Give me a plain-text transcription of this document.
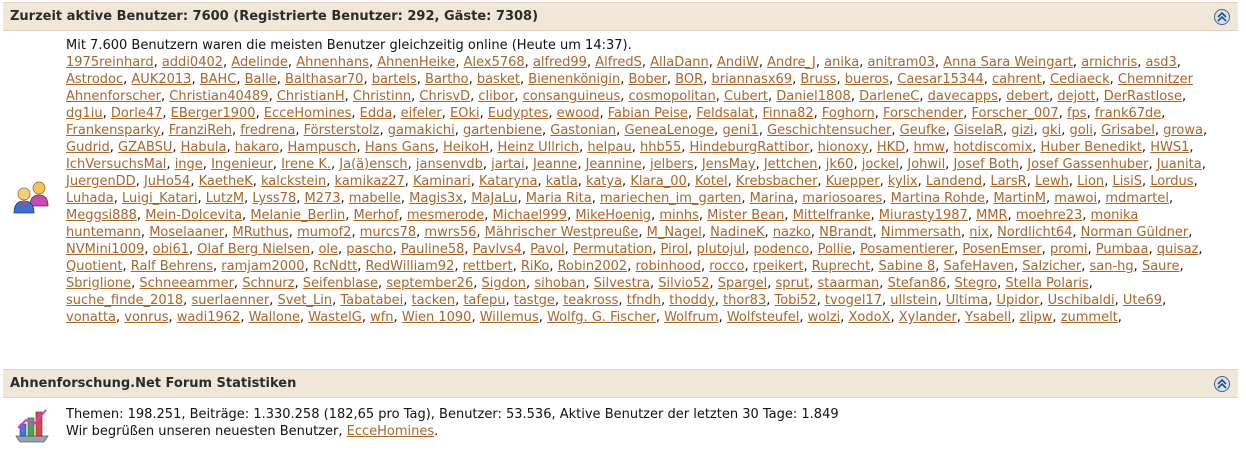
Zurzeit aktive Benutzer: 7600 (Registrierte Benutzer: 292, Gäste: 7308)
Mit 7.600 Benutzern waren die meisten Benutzer gleichzeitig online (Heute um 14:37).
1975reinhard, addi0402, Adelinde, Ahnenhans, AhnenHeike, Alex5768, alfred99, AlfredS, AllaDann, AndiW, Andre_J, anika, anitram03, Anna Sara Weingart, arnichris, asd3, Astrodoc, AUK2013, BAHC, Balle, Balthasar70, bartels, Bartho, basket, Bienenkönigin, Bober, BOR, briannasx69, Bruss, bueros, Caesar15344, cahrent, Cediaeck, Chemnitzer Ahnenforscher, Christian40489, ChristianH, Christinn, ChrisvD, clibor, consanguineus, cosmopolitan, Cubert, Daniel1808, DarleneC, davecapps, debert, dejott, DerRastlose, dg1iu, Dorle47, EBerger1900, EcceHomines, Edda, eifeler, EOki, Eudyptes, ewood, Fabian Peise, Feldsalat, Finna82, Foghorn, Forschender, Forscher_007, fps, frank67de, Frankensparky, FranziReh, fredrena, Försterstolz, gamakichi, gartenbiene, Gastonian, GeneaLenoge, geni1, Geschichtensucher, Geufke, GiselaR, gizi, gki, goli, Grisabel, growa, Gudrid, GZABSU, Habula, hakaro, Hampusch, Hans Gans, HeikoH, Heinz Ullrich, helpau, hhb55, HindeburgRattibor, hionoxy, HKD, hmw, hotdiscomix, Huber Benedikt, HWS1, IchVersuchsMal, inge, Ingenieur, Irene K., Ja(ä)ensch, jansenvdb, jartai, Jeanne, Jeannine, jelbers, JensMay, Jettchen, jk60, jockel, Johwil, Josef Both, Josef Gassenhuber, Juanita, JuergenDD, JuHo54, KaetheK, kalckstein, kamikaz27, Kaminari, Kataryna, katla, katya, Klara_00, Kotel, Krebsbacher, Kuepper, kylix, Landend, LarsR, Lewh, Lion, LisiS, Lordus, Luhada, Luigi_Katari, LutzM, Lyss78, M273, mabelle, Magis3x, MaJaLu, Maria Rita, mariechen_im_garten, Marina, mariosoares, Martina Rohde, MartinM, mawoi, mdmartel, Meggsi888, Mein-Dolcevita, Melanie_Berlin, Merhof, mesmerode, Michael999, MikeHoenig, minhs, Mister Bean, Mittelfranke, Miurasty1987, MMR, moehre23, monika huntemann, Moselaaner, MRuthus, mumof2, murcs78, mwrs56, Mährischer Westpreuße, M_Nagel, NadineK, nazko, NBrandt, Nimmersath, nix, Nordlicht64, Norman Güldner, NVMini1009, obi61, Olaf Berg Nielsen, ole, pascho, Pauline58, Pavlvs4, Pavol, Permutation, Pirol, plutojul, podenco, Pollie, Posamentierer, PosenEmser, promi, Pumbaa, quisaz, Quotient, Ralf Behrens, ramjam2000, RcNdtt, RedWilliam92, rettbert, RiKo, Robin2002, robinhood, rocco, rpeikert, Ruprecht, Sabine 8, SafeHaven, Salzicher, san-hg, Saure, Sbriglione, Schneeammer, Schnurz, Seifenblase, september26, Sigdon, sihoban, Silvestra, Silvio52, Spargel, sprut, staarman, Stefan86, Stegro, Stella Polaris, suche_finde_2018, suerlaenner, Svet_Lin, Tabatabei, tacken, tafepu, tastge, teakross, tfndh, thoddy, thor83, Tobi52, tvogel17, ullstein, Ultima, Upidor, Uschibaldi, Ute69, vonatta, vonrus, wadi1962, Wallone, WastelG, wfn, Wien 1090, Willemus, Wolfg. G. Fischer, Wolfrum, Wolfsteufel, wolzi, XodoX, Xylander, Ysabell, zlipw, zummelt,
Ahnenforschung.Net Forum Statistiken
Themen: 198.251, Beiträge: 1.330.258 (182,65 pro Tag), Benutzer: 53.536, Aktive Benutzer der letzten 30 Tage: 1.849
Wir begrüßen unseren neuesten Benutzer, EcceHomines.
